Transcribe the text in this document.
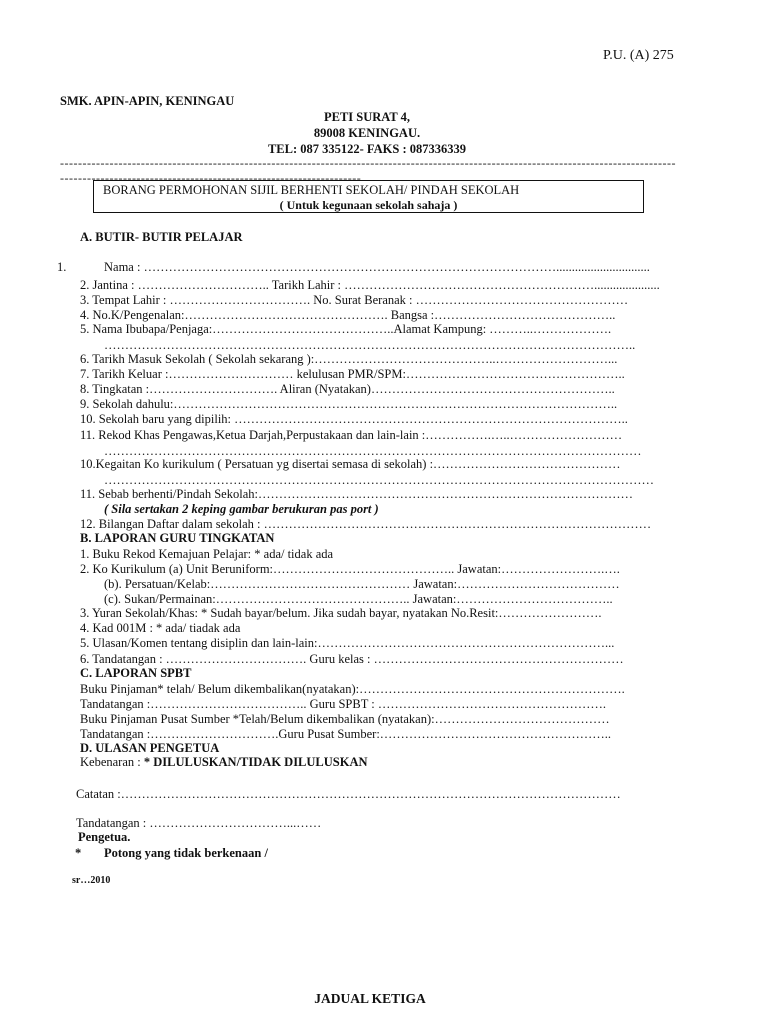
P.U. (A) 275
SMK. APIN-APIN, KENINGAU
PETI SURAT 4,
89008 KENINGAU.
TEL: 087 335122- FAKS : 087336339
------------------------------------------------------------------------------------------------------------------------------------------------------------------------------------------------------------
BORANG PERMOHONAN SIJIL BERHENTI SEKOLAH/ PINDAH SEKOLAH
( Untuk kegunaan sekolah sahaja )
A. BUTIR- BUTIR PELAJAR
1.	Nama : ………………………………………………………………………………………..............................
2. Jantina : ………………………….. Tarikh Lahir : …………………………………………………….....................
3. Tempat Lahir : ……………………………. No. Surat Beranak : ……………………………………………
4. No.K/Pengenalan:…………………………………………. Bangsa :……………………………………..
5. Nama Ibubapa/Penjaga:……………………………………..Alamat Kampung: ………..……………….
………………………………………………………………………………………………………………..
6. Tarikh Masuk Sekolah ( Sekolah sekarang ):……………………………………..………………………...
7. Tarikh Keluar :………………………… kelulusan PMR/SPM:……………………………………………..
8. Tingkatan :…………………………. Aliran (Nyatakan)…………………………………………………..
9. Sekolah dahulu:……………………………………………………………………………………………..
10. Sekolah baru yang dipilih: …………………………………………………………………………………..
11. Rekod Khas Pengawas,Ketua Darjah,Perpustakaan dan lain-lain :…………….…..………………………
…………………………………………………………………………………………………………………
10.Kegaitan Ko kurikulum ( Persatuan yg disertai semasa di sekolah) :………………………………………
……………………………………………………………………………………………………………………
11. Sebab berhenti/Pindah Sekolah:………………………………………………………………………………
( Sila sertakan 2 keping gambar berukuran pas port )
12. Bilangan Daftar dalam sekolah : …………………………………………………………………………………
B. LAPORAN GURU TINGKATAN
1. Buku Rekod Kemajuan Pelajar: * ada/ tidak ada
2. Ko Kurikulum (a) Unit Beruniform:…………………………………….. Jawatan:…………………….….
(b). Persatuan/Kelab:………………………………………… Jawatan:…………………………………
(c). Sukan/Permainan:……………………………………….. Jawatan:………………………………..
3. Yuran Sekolah/Khas: * Sudah bayar/belum. Jika sudah bayar, nyatakan No.Resit:…………………….
4. Kad 001M : * ada/ tiadak ada
5. Ulasan/Komen tentang disiplin dan lain-lain:……………………………………………………………...
6. Tandatangan : ……………………………. Guru kelas : ……………………………………………………
C. LAPORAN SPBT
Buku Pinjaman* telah/ Belum dikembalikan(nyatakan):……………………………………………………….
Tandatangan :……………………………….. Guru SPBT : ……………………………………………….
Buku Pinjaman Pusat Sumber *Telah/Belum dikembalikan (nyatakan):……………………………………
Tandatangan :………………………….Guru Pusat Sumber:………………………………………………..
D. ULASAN PENGETUA
Kebenaran : * DILULUSKAN/TIDAK DILULUSKAN
Catatan :…………………………………………………………………………………………………………
Tandatangan : ……………………………...……
Pengetua.
* Potong yang tidak berkenaan /
sr…2010
JADUAL KETIGA
